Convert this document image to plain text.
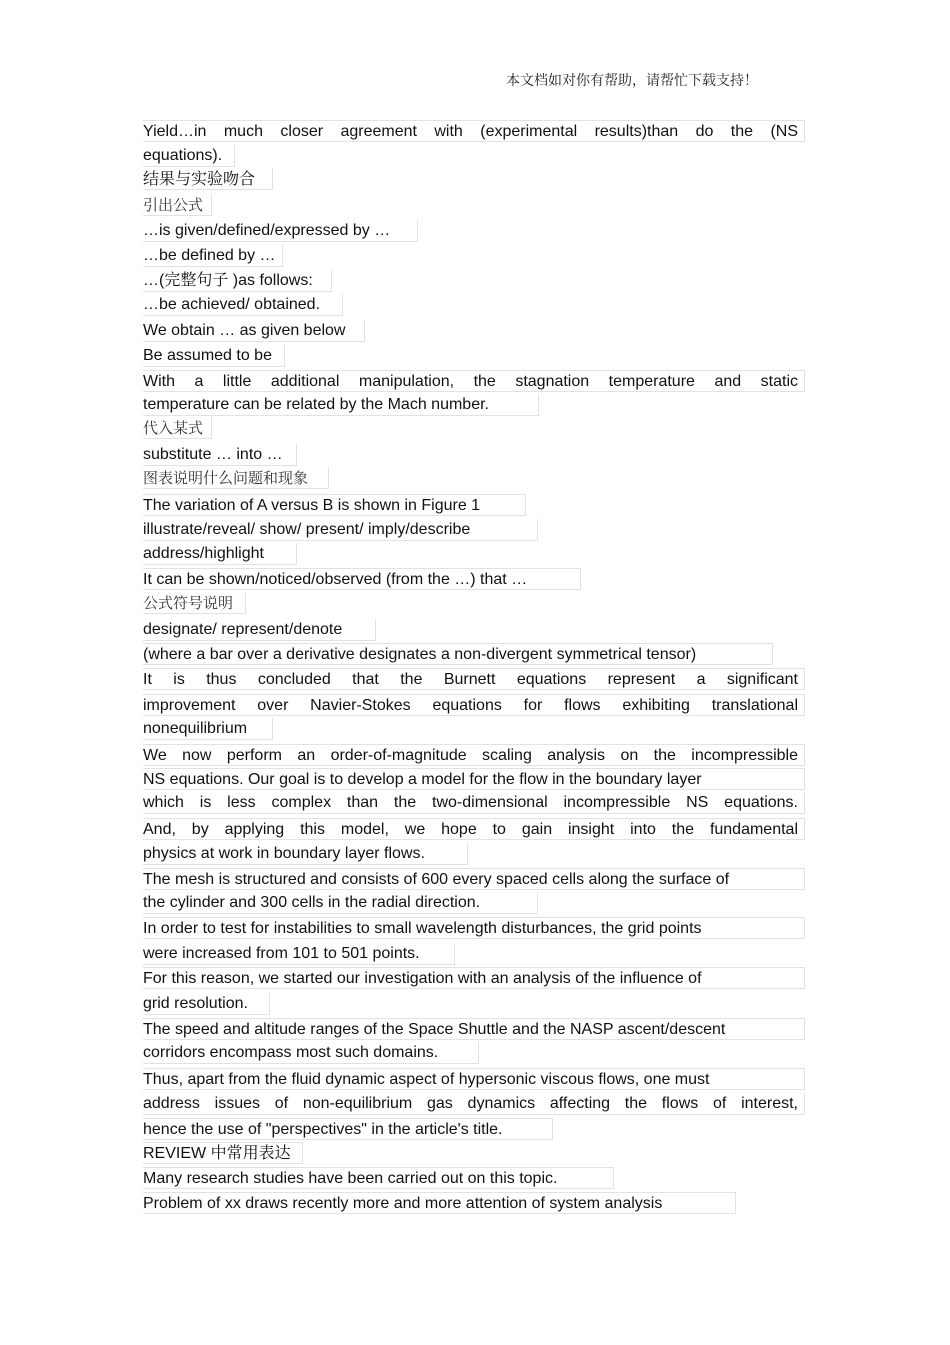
本文档如对你有帮助，请帮忙下载支持！
Yield…in much closer agreement with (experimental results)than do the (NS
equations).
结果与实验吻合
引出公式
…is given/defined/expressed by …
…be defined by …
…(完整句子 )as follows:
…be achieved/ obtained.
We obtain … as given below
Be assumed to be
With a little additional manipulation, the stagnation temperature and static
temperature can be related by the Mach number.
代入某式
substitute … into …
图表说明什么问题和现象
The variation of A versus B is shown in Figure 1
illustrate/reveal/ show/ present/ imply/describe
address/highlight
It can be shown/noticed/observed (from the …) that …
公式符号说明
designate/ represent/denote
(where a bar over a derivative designates a non-divergent symmetrical tensor)
It is thus concluded that the Burnett equations represent a significant
improvement over Navier-Stokes equations for flows exhibiting translational
nonequilibrium
We now perform an order-of-magnitude scaling analysis on the incompressible
NS equations. Our goal is to develop a model for the flow in the boundary layer
which is less complex than the two-dimensional incompressible NS equations.
And, by applying this model, we hope to gain insight into the fundamental
physics at work in boundary layer flows.
The mesh is structured and consists of 600 every spaced cells along the surface of
the cylinder and 300 cells in the radial direction.
In order to test for instabilities to small wavelength disturbances, the grid points
were increased from 101 to 501 points.
For this reason, we started our investigation with an analysis of the influence of
grid resolution.
The speed and altitude ranges of the Space Shuttle and the NASP ascent/descent
corridors encompass most such domains.
Thus, apart from the fluid dynamic aspect of hypersonic viscous flows, one must
address issues of non-equilibrium gas dynamics affecting the flows of interest,
hence the use of "perspectives" in the article's title.
REVIEW 中常用表达
Many research studies have been carried out on this topic.
Problem of xx draws recently more and more attention of system analysis
